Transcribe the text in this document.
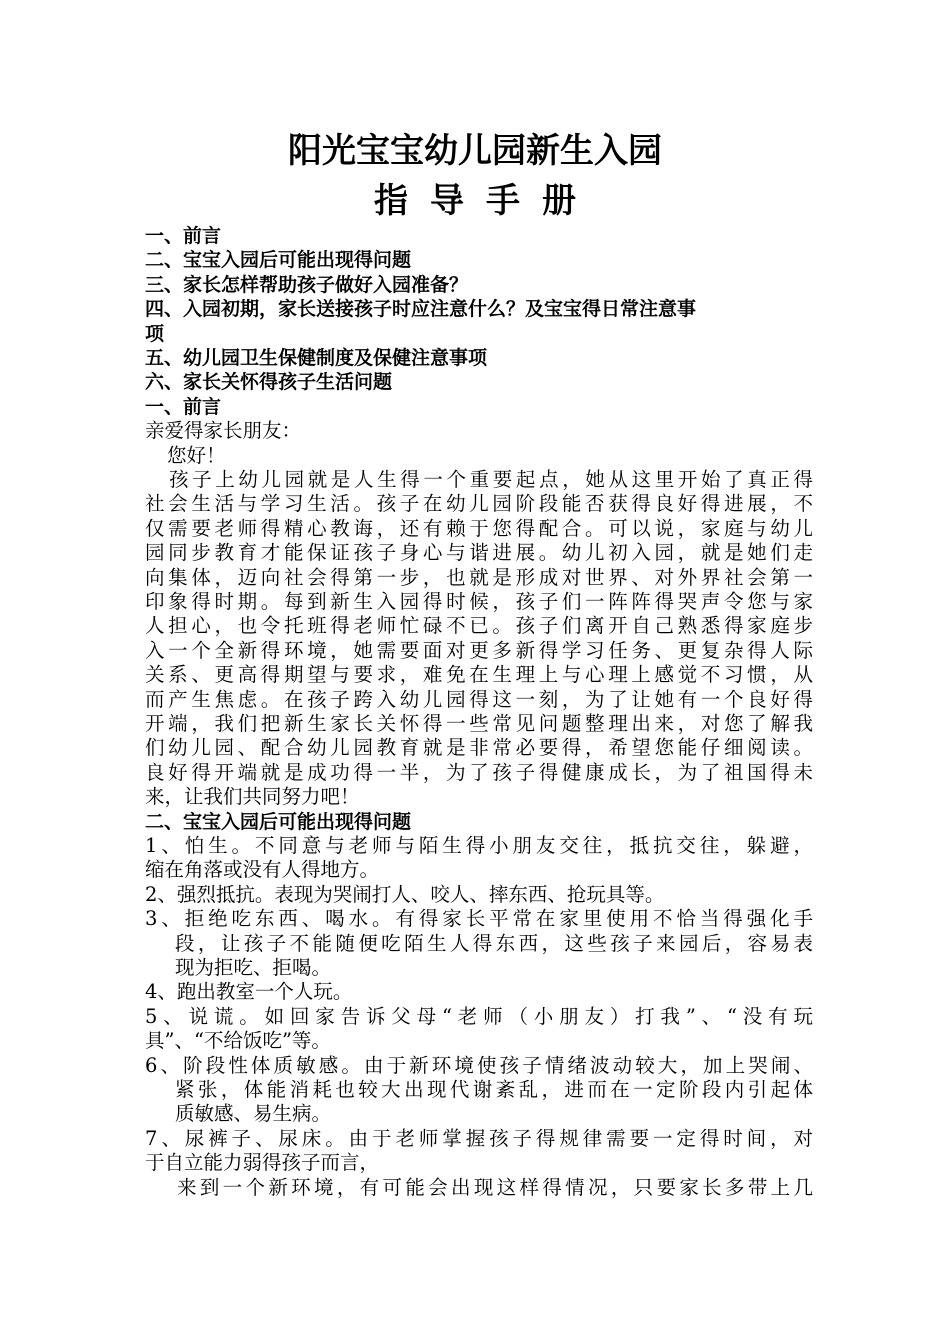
阳光宝宝幼儿园新生入园
指导手册
一、前言
二、宝宝入园后可能出现得问题
三、家长怎样帮助孩子做好入园准备？
四、入园初期，家长送接孩子时应注意什么？及宝宝得日常注意事
项
五、幼儿园卫生保健制度及保健注意事项
六、家长关怀得孩子生活问题
一、前言
亲爱得家长朋友：
您好！
孩子上幼儿园就是人生得一个重要起点，她从这里开始了真正得
社会生活与学习生活。孩子在幼儿园阶段能否获得良好得进展，不
仅需要老师得精心教诲，还有赖于您得配合。可以说，家庭与幼儿
园同步教育才能保证孩子身心与谐进展。幼儿初入园，就是她们走
向集体，迈向社会得第一步，也就是形成对世界、对外界社会第一
印象得时期。每到新生入园得时候，孩子们一阵阵得哭声令您与家
人担心，也令托班得老师忙碌不已。孩子们离开自己熟悉得家庭步
入一个全新得环境，她需要面对更多新得学习任务、更复杂得人际
关系、更高得期望与要求，难免在生理上与心理上感觉不习惯，从
而产生焦虑。在孩子跨入幼儿园得这一刻，为了让她有一个良好得
开端，我们把新生家长关怀得一些常见问题整理出来，对您了解我
们幼儿园、配合幼儿园教育就是非常必要得，希望您能仔细阅读。
良好得开端就是成功得一半，为了孩子得健康成长，为了祖国得未
来，让我们共同努力吧！
二、宝宝入园后可能出现得问题
1、怕生。不同意与老师与陌生得小朋友交往，抵抗交往，躲避，
缩在角落或没有人得地方。
2、强烈抵抗。表现为哭闹打人、咬人、摔东西、抢玩具等。
3、拒绝吃东西、喝水。有得家长平常在家里使用不恰当得强化手
段，让孩子不能随便吃陌生人得东西，这些孩子来园后，容易表
现为拒吃、拒喝。
4、跑出教室一个人玩。
5、说谎。如回家告诉父母“老师（小朋友）打我”、“没有玩
具”、“不给饭吃”等。
6、阶段性体质敏感。由于新环境使孩子情绪波动较大，加上哭闹、
紧张，体能消耗也较大出现代谢紊乱，进而在一定阶段内引起体
质敏感、易生病。
7、尿裤子、尿床。由于老师掌握孩子得规律需要一定得时间，对
于自立能力弱得孩子而言，
来到一个新环境，有可能会出现这样得情况，只要家长多带上几
